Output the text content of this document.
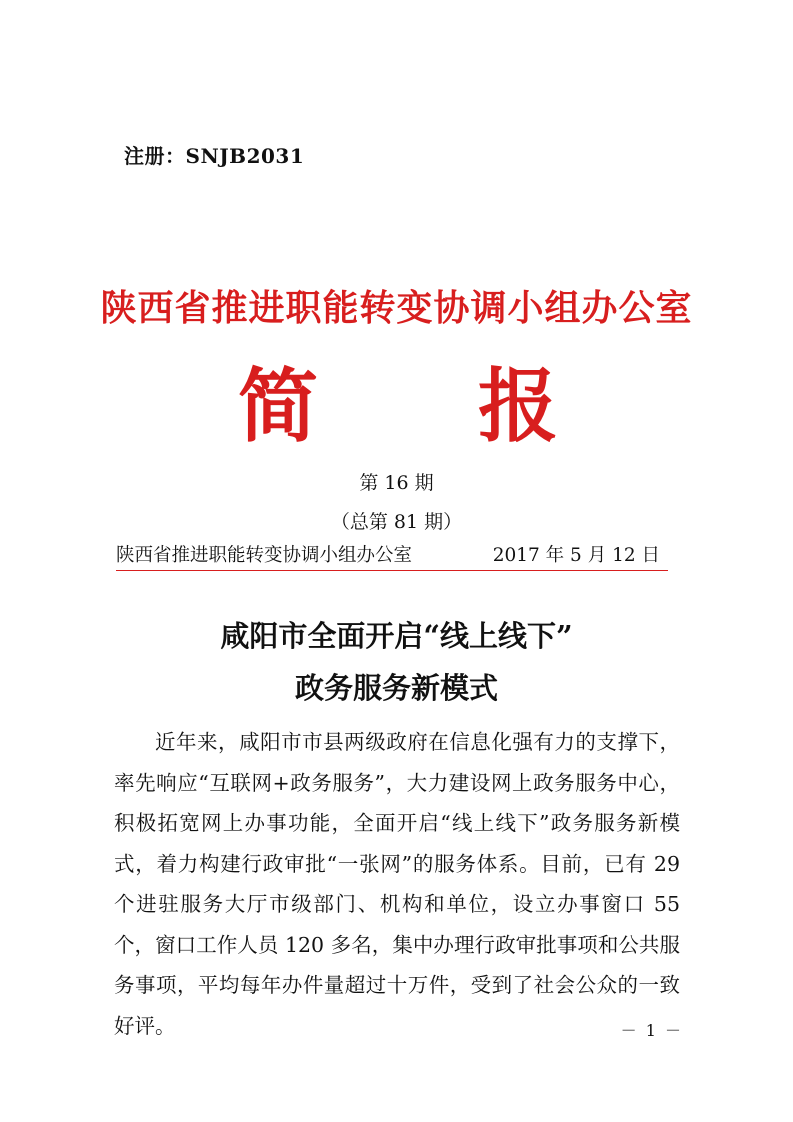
注册：SNJB2031
陕西省推进职能转变协调小组办公室
简 报
第 16 期
（总第 81 期）
陕西省推进职能转变协调小组办公室	2017 年 5 月 12 日
咸阳市全面开启“线上线下”
政务服务新模式
近年来，咸阳市市县两级政府在信息化强有力的支撑下，率先响应“互联网+政务服务”，大力建设网上政务服务中心，积极拓宽网上办事功能，全面开启“线上线下”政务服务新模式，着力构建行政审批“一张网”的服务体系。目前，已有 29 个进驻服务大厅市级部门、机构和单位，设立办事窗口 55 个，窗口工作人员 120 多名，集中办理行政审批事项和公共服务事项，平均每年办件量超过十万件，受到了社会公众的一致好评。	－ 1 －
